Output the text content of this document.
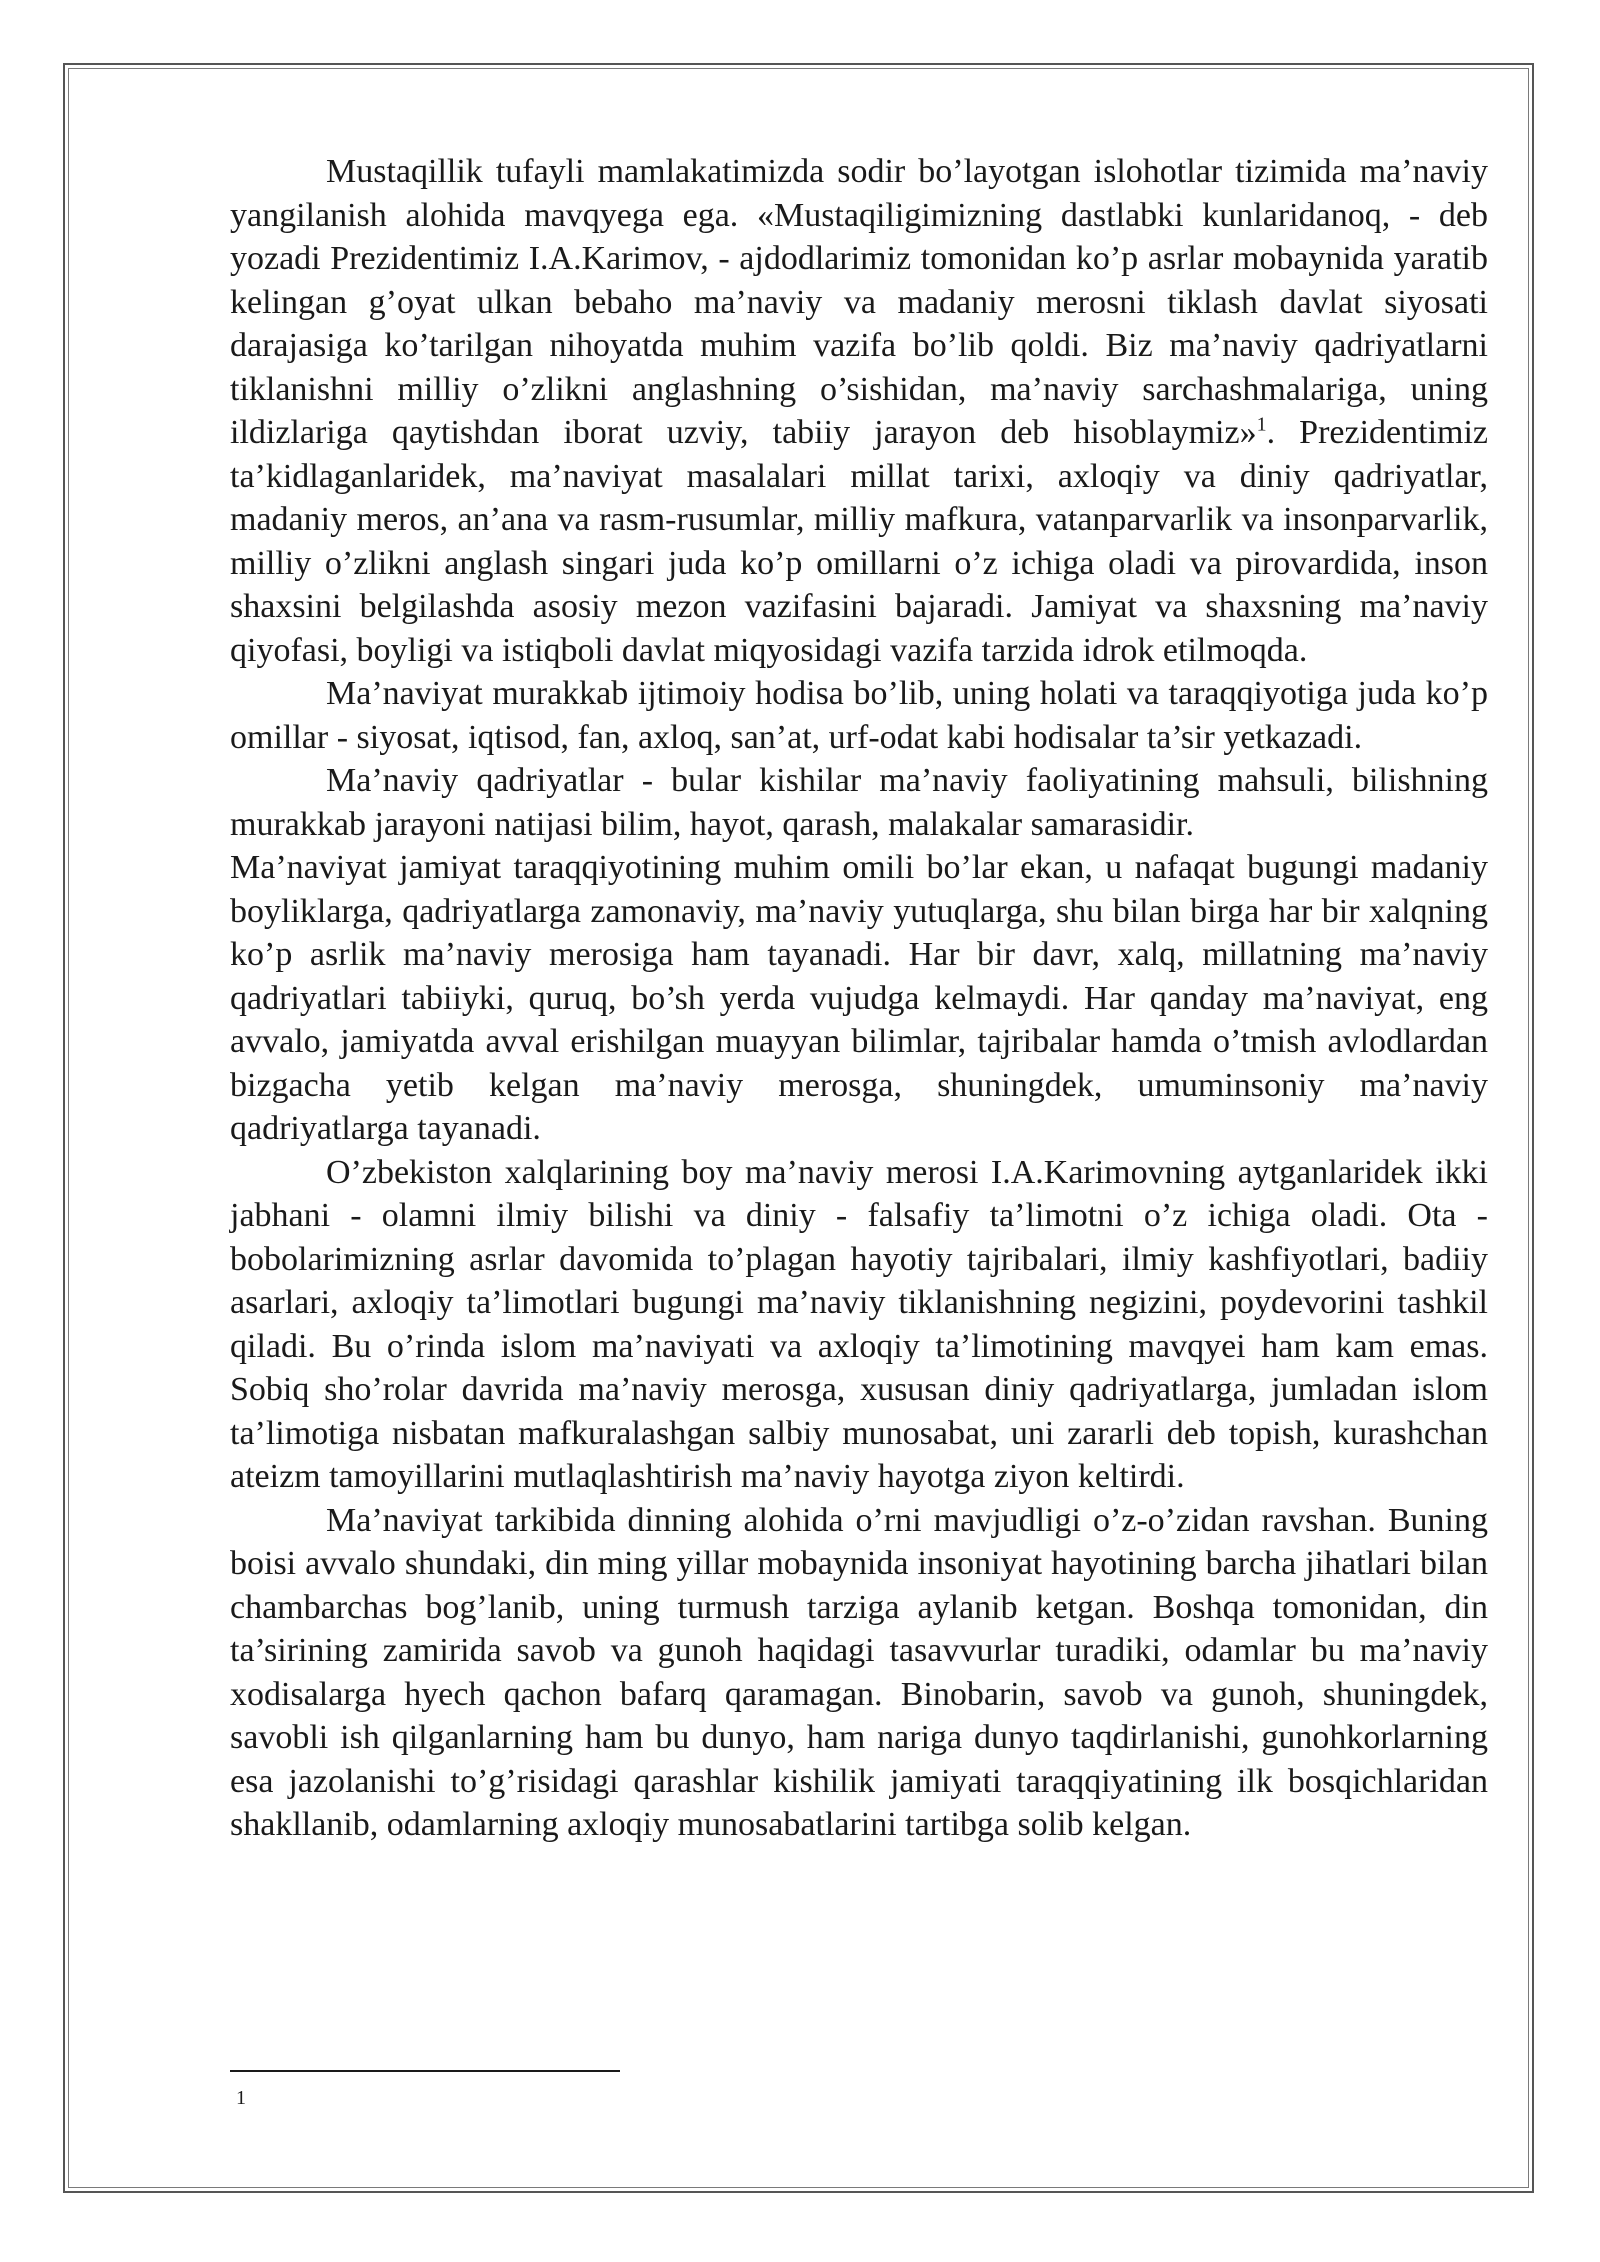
Mustaqillik tufayli mamlakatimizda sodir bo’layotgan islohotlar tizimida ma’naviy yangilanish alohida mavqyega ega. «Mustaqiligimizning dastlabki kunlaridanoq, - deb yozadi Prezidentimiz I.A.Karimov, - ajdodlarimiz tomonidan ko’p asrlar mobaynida yaratib kelingan g’oyat ulkan bebaho ma’naviy va madaniy merosni tiklash davlat siyosati darajasiga ko’tarilgan nihoyatda muhim vazifa bo’lib qoldi. Biz ma’naviy qadriyatlarni tiklanishni milliy o’zlikni anglashning o’sishidan, ma’naviy sarchashmalariga, uning ildizlariga qaytishdan iborat uzviy, tabiiy jarayon deb hisoblaymiz»$^1$. Prezidentimiz ta’kidlaganlaridek, ma’naviyat masalalari millat tarixi, axloqiy va diniy qadriyatlar, madaniy meros, an’ana va rasm-rusumlar, milliy mafkura, vatanparvarlik va insonparvarlik, milliy o’zlikni anglash singari juda ko’p omillarni o’z ichiga oladi va pirovardida, inson shaxsini belgilashda asosiy mezon vazifasini bajaradi. Jamiyat va shaxsning ma’naviy qiyofasi, boyligi va istiqboli davlat miqyosidagi vazifa tarzida idrok etilmoqda.

Ma’naviyat murakkab ijtimoiy hodisa bo’lib, uning holati va taraqqiyotiga juda ko’p omillar - siyosat, iqtisod, fan, axloq, san’at, urf-odat kabi hodisalar ta’sir yetkazadi.

Ma’naviy qadriyatlar - bular kishilar ma’naviy faoliyatining mahsuli, bilishning murakkab jarayoni natijasi bilim, hayot, qarash, malakalar samarasidir.

Ma’naviyat jamiyat taraqqiyotining muhim omili bo’lar ekan, u nafaqat bugungi madaniy boyliklarga, qadriyatlarga zamonaviy, ma’naviy yutuqlarga, shu bilan birga har bir xalqning ko’p asrlik ma’naviy merosiga ham tayanadi. Har bir davr, xalq, millatning ma’naviy qadriyatlari tabiiyki, quruq, bo’sh yerda vujudga kelmaydi. Har qanday ma’naviyat, eng avvalo, jamiyatda avval erishilgan muayyan bilimlar, tajribalar hamda o’tmish avlodlardan bizgacha yetib kelgan ma’naviy merosga, shuningdek, umuminsoniy ma’naviy qadriyatlarga tayanadi.

O’zbekiston xalqlarining boy ma’naviy merosi I.A.Karimovning aytganlaridek ikki jabhani - olamni ilmiy bilishi va diniy - falsafiy ta’limotni o’z ichiga oladi. Ota - bobolarimizning asrlar davomida to’plagan hayotiy tajribalari, ilmiy kashfiyotlari, badiiy asarlari, axloqiy ta’limotlari bugungi ma’naviy tiklanishning negizini, poydevorini tashkil qiladi. Bu o’rinda islom ma’naviyati va axloqiy ta’limotining mavqyei ham kam emas. Sobiq sho’rolar davrida ma’naviy merosga, xususan diniy qadriyatlarga, jumladan islom ta’limotiga nisbatan mafkuralashgan salbiy munosabat, uni zararli deb topish, kurashchan ateizm tamoyillarini mutlaqlashtirish ma’naviy hayotga ziyon keltirdi.

Ma’naviyat tarkibida dinning alohida o’rni mavjudligi o’z-o’zidan ravshan. Buning boisi avvalo shundaki, din ming yillar mobaynida insoniyat hayotining barcha jihatlari bilan chambarchas bog’lanib, uning turmush tarziga aylanib ketgan. Boshqa tomonidan, din ta’sirining zamirida savob va gunoh haqidagi tasavvurlar turadiki, odamlar bu ma’naviy xodisalarga hyech qachon bafarq qaramagan. Binobarin, savob va gunoh, shuningdek, savobli ish qilganlarning ham bu dunyo, ham nariga dunyo taqdirlanishi, gunohkorlarning esa jazolanishi to’g’risidagi qarashlar kishilik jamiyati taraqqiyatining ilk bosqichlaridan shakllanib, odamlarning axloqiy munosabatlarini tartibga solib kelgan.

1
